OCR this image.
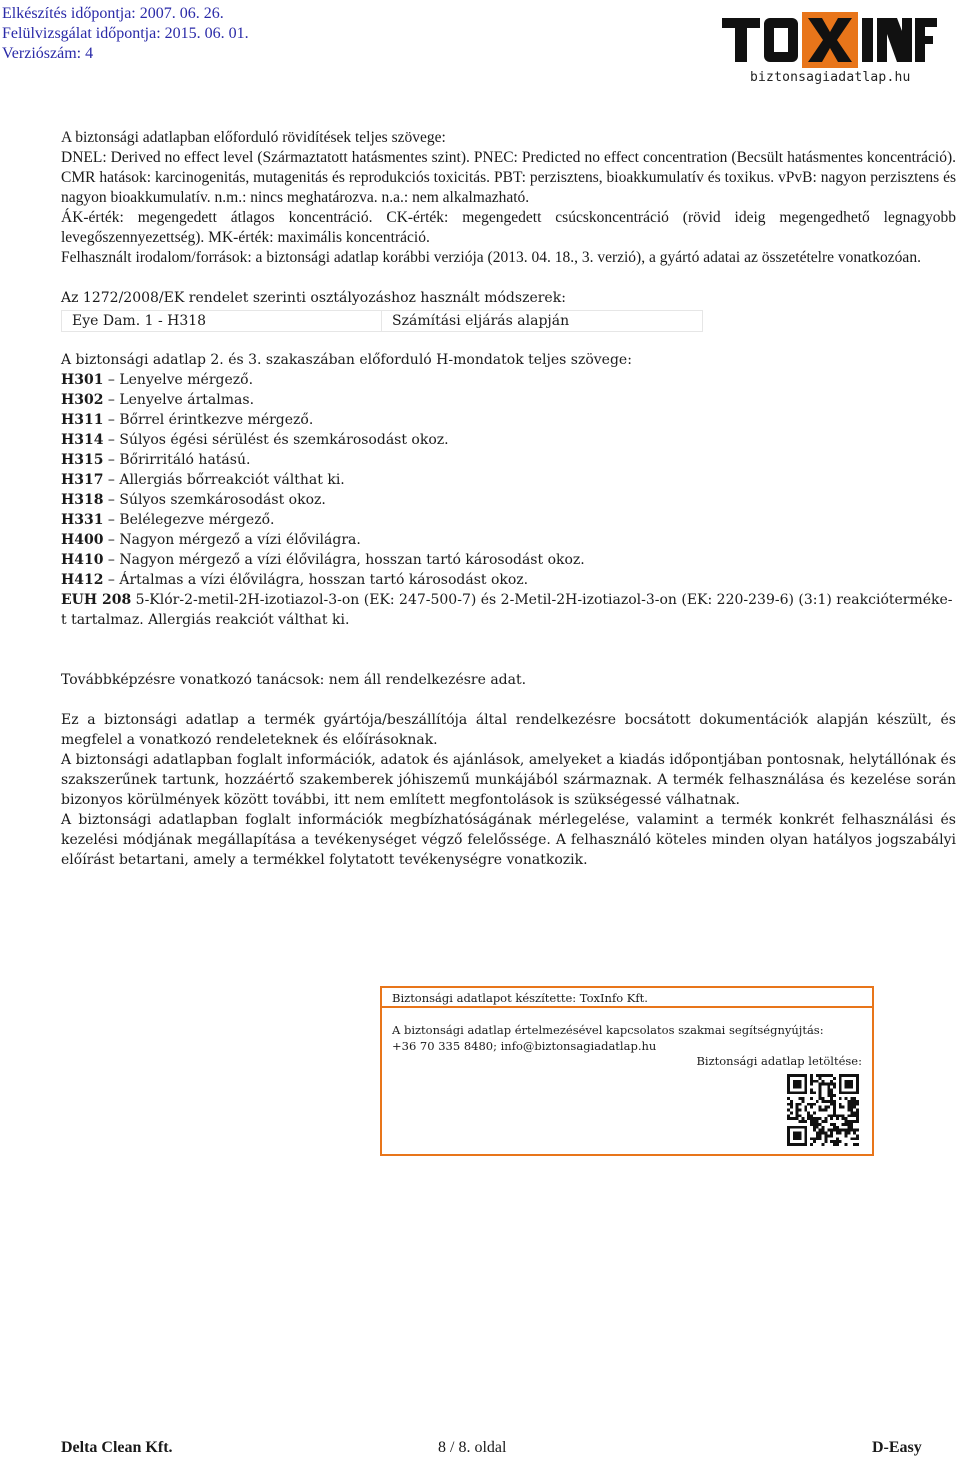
Elkészítés időpontja: 2007. 06. 26.
Felülvizsgálat időpontja: 2015. 06. 01.
Verziószám: 4
biztonsagiadatlap.hu

A biztonsági adatlapban előforduló rövidítések teljes szövege:

DNEL: Derived no effect level (Származtatott hatásmentes szint). PNEC: Predicted no effect concentration (Becsült hatásmentes koncentráció). CMR hatások: karcinogenitás, mutagenitás és reprodukciós toxicitás. PBT: perzisztens, bioakkumulatív és toxikus. vPvB: nagyon perzisztens és nagyon bioakkumulatív. n.m.: nincs meghatározva. n.a.: nem alkalmazható.

ÁK-érték: megengedett átlagos koncentráció. CK-érték: megengedett csúcskoncentráció (rövid ideig megengedhető legnagyobb levegőszennyezettség). MK-érték: maximális koncentráció.

Felhasznált irodalom/források: a biztonsági adatlap korábbi verziója (2013. 04. 18., 3. verzió), a gyártó adatai az összetételre vonatkozóan.

Az 1272/2008/EK rendelet szerinti osztályozáshoz használt módszerek:

Eye Dam. 1 - H318	Számítási eljárás alapján
A biztonsági adatlap 2. és 3. szakaszában előforduló H-mondatok teljes szövege:
H301 – Lenyelve mérgező.
H302 – Lenyelve ártalmas.
H311 – Bőrrel érintkezve mérgező.
H314 – Súlyos égési sérülést és szemkárosodást okoz.
H315 – Bőrirritáló hatású.
H317 – Allergiás bőrreakciót válthat ki.
H318 – Súlyos szemkárosodást okoz.
H331 – Belélegezve mérgező.
H400 – Nagyon mérgező a vízi élővilágra.
H410 – Nagyon mérgező a vízi élővilágra, hosszan tartó károsodást okoz.
H412 – Ártalmas a vízi élővilágra, hosszan tartó károsodást okoz.
EUH 208 5-Klór-2-metil-2H-izotiazol-3-on (EK: 247-500-7) és 2-Metil-2H-izotiazol-3-on (EK: 220-239-6) (3:1) reakcióterméke-t tartalmaz. Allergiás reakciót válthat ki.

Továbbképzésre vonatkozó tanácsok: nem áll rendelkezésre adat.

Ez a biztonsági adatlap a termék gyártója/beszállítója által rendelkezésre bocsátott dokumentációk alapján készült, és megfelel a vonatkozó rendeleteknek és előírásoknak.

A biztonsági adatlapban foglalt információk, adatok és ajánlások, amelyeket a kiadás időpontjában pontosnak, helytállónak és szakszerűnek tartunk, hozzáértő szakemberek jóhiszemű munkájából származnak. A termék felhasználása és kezelése során bizonyos körülmények között további, itt nem említett megfontolások is szükségessé válhatnak.

A biztonsági adatlapban foglalt információk megbízhatóságának mérlegelése, valamint a termék konkrét felhasználási és kezelési módjának megállapítása a tevékenységet végző felelőssége. A felhasználó köteles minden olyan hatályos jogszabályi előírást betartani, amely a termékkel folytatott tevékenységre vonatkozik.

Biztonsági adatlapot készítette: ToxInfo Kft.
A biztonsági adatlap értelmezésével kapcsolatos szakmai segítségnyújtás:
+36 70 335 8480; info@biztonsagiadatlap.hu
Biztonsági adatlap letöltése:
Delta Clean Kft.	8 / 8. oldal	D-Easy
